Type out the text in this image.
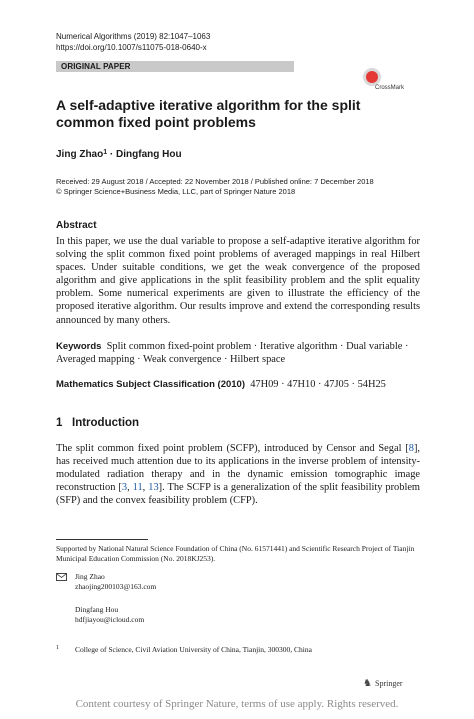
Numerical Algorithms (2019) 82:1047–1063
https://doi.org/10.1007/s11075-018-0640-x
ORIGINAL PAPER
CrossMark
A self-adaptive iterative algorithm for the split common fixed point problems
Jing Zhao$^1$ · Dingfang Hou
Received: 29 August 2018 / Accepted: 22 November 2018 / Published online: 7 December 2018
© Springer Science+Business Media, LLC, part of Springer Nature 2018
Abstract
In this paper, we use the dual variable to propose a self-adaptive iterative algorithm for solving the split common fixed point problems of averaged mappings in real Hilbert spaces. Under suitable conditions, we get the weak convergence of the proposed algorithm and give applications in the split feasibility problem and the split equality problem. Some numerical experiments are given to illustrate the efficiency of the proposed iterative algorithm. Our results improve and extend the corresponding results announced by many others.
Keywords Split common fixed-point problem · Iterative algorithm · Dual variable · Averaged mapping · Weak convergence · Hilbert space
Mathematics Subject Classification (2010) 47H09 · 47H10 · 47J05 · 54H25
1 Introduction
The split common fixed point problem (SCFP), introduced by Censor and Segal [8], has received much attention due to its applications in the inverse problem of intensity-modulated radiation therapy and in the dynamic emission tomographic image reconstruction [3, 11, 13]. The SCFP is a generalization of the split feasibility problem (SFP) and the convex feasibility problem (CFP).
Supported by National Natural Science Foundation of China (No. 61571441) and Scientific Research Project of Tianjin Municipal Education Commission (No. 2018KJ253).
Jing Zhao
zhaojing200103@163.com
Dingfang Hou
hdfjiayou@icloud.com
1 College of Science, Civil Aviation University of China, Tianjin, 300300, China
♞ Springer
Content courtesy of Springer Nature, terms of use apply. Rights reserved.
